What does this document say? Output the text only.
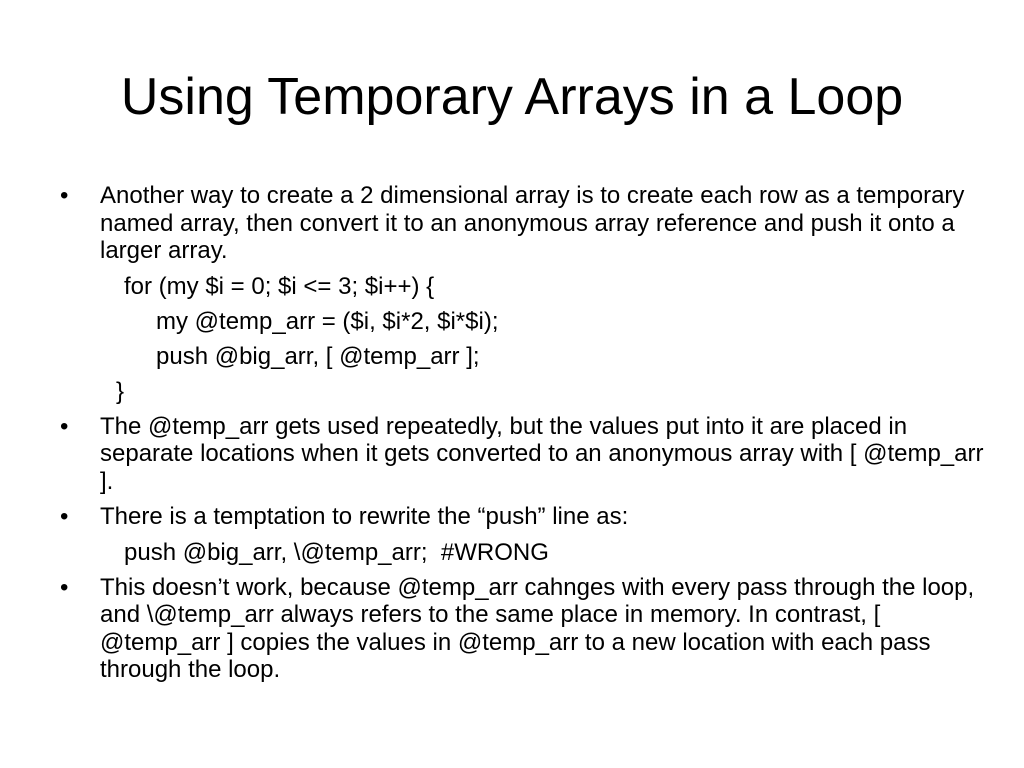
Using Temporary Arrays in a Loop
•	Another way to create a 2 dimensional array is to create each row as a temporary named array, then convert it to an anonymous array reference and push it onto a larger array.
for (my $i = 0; $i <= 3; $i++) {
my @temp_arr = ($i, $i*2, $i*$i);
push @big_arr, [ @temp_arr ];
}
•	The @temp_arr gets used repeatedly, but the values put into it are placed in separate locations when it gets converted to an anonymous array with [ @temp_arr ].
•	There is a temptation to rewrite the “push” line as:
push @big_arr, \@temp_arr;  #WRONG
•	This doesn’t work, because @temp_arr cahnges with every pass through the loop, and \@temp_arr always refers to the same place in memory. In contrast, [ @temp_arr ] copies the values in @temp_arr to a new location with each pass through the loop.
